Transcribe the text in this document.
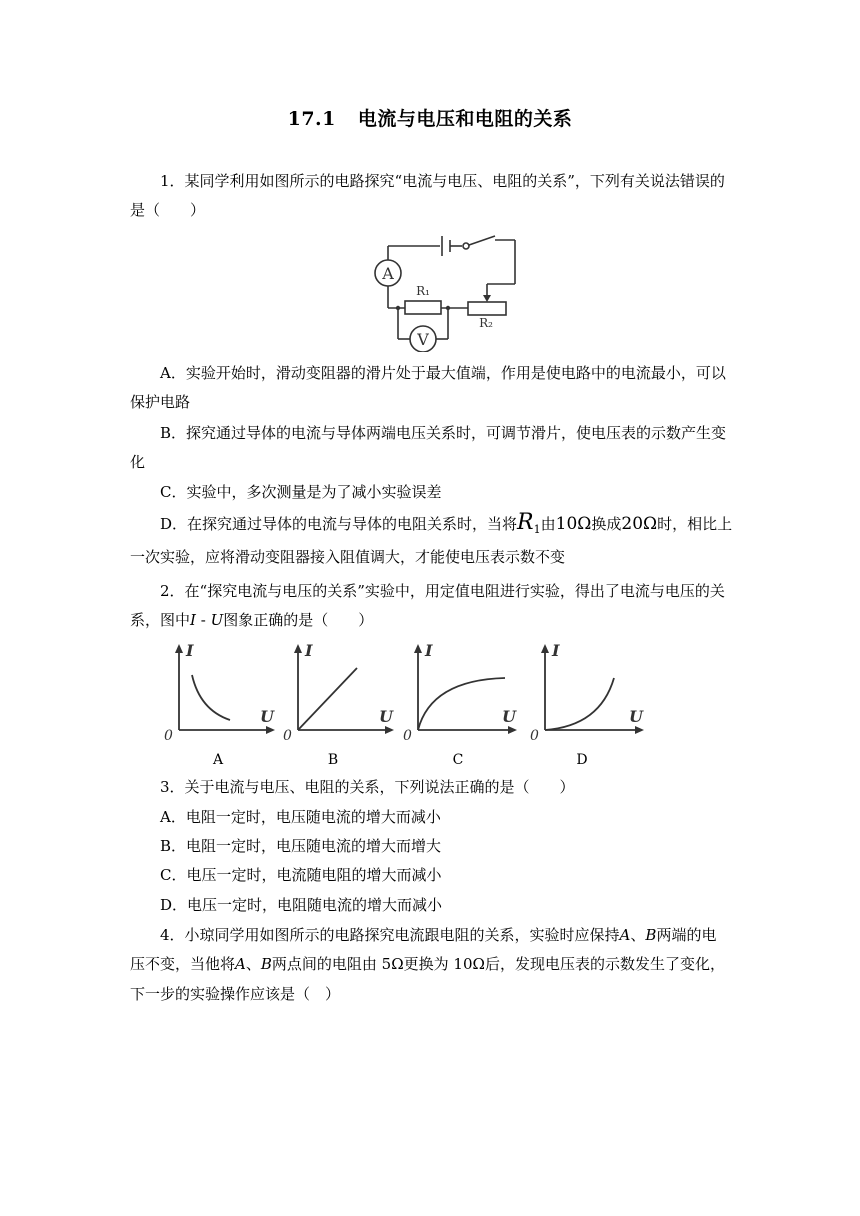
17.1 电流与电压和电阻的关系
1．某同学利用如图所示的电路探究“电流与电压、电阻的关系”，下列有关说法错误的
是（　　）
A
V
R₁
R₂
A．实验开始时，滑动变阻器的滑片处于最大值端，作用是使电路中的电流最小，可以
保护电路
B．探究通过导体的电流与导体两端电压关系时，可调节滑片，使电压表的示数产生变
化
C．实验中，多次测量是为了减小实验误差
D．在探究通过导体的电流与导体的电阻关系时，当将$R_1$由10Ω换成20Ω时，相比上
一次实验，应将滑动变阻器接入阻值调大，才能使电压表示数不变
2．在“探究电流与电压的关系”实验中，用定值电阻进行实验，得出了电流与电压的关
系，图中I - U图象正确的是（　　）
I
U
0
I
U
0
I
U
0
I
U
0
A	B	C	D
3．关于电流与电压、电阻的关系，下列说法正确的是（　　）
A．电阻一定时，电压随电流的增大而减小
B．电阻一定时，电压随电流的增大而增大
C．电压一定时，电流随电阻的增大而减小
D．电压一定时，电阻随电流的增大而减小
4．小琼同学用如图所示的电路探究电流跟电阻的关系，实验时应保持A、B两端的电
压不变，当他将A、B两点间的电阻由 5Ω更换为 10Ω后，发现电压表的示数发生了变化，
下一步的实验操作应该是（　）
